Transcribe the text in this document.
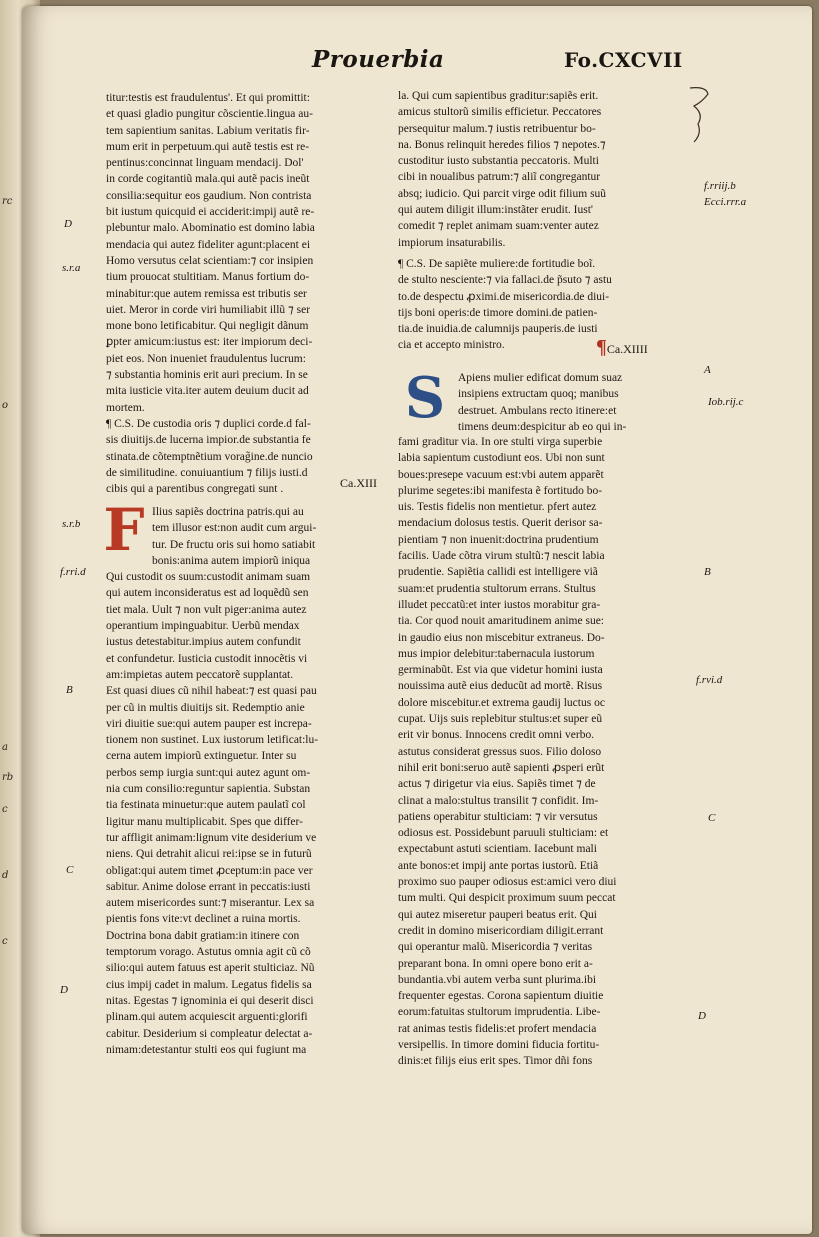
rc
o
a
c
rb
d
c
Prouerbia	Fo.CXCVII
titur:testis est fraudulentus'. Et qui promittit:
et quasi gladio pungitur cõscientie.lingua au-
tem sapientium sanitas. Labium veritatis fir-
mum erit in perpetuum.qui autẽ testis est re-
pentinus:concinnat linguam mendacij. Dol'
in corde cogitantiũ mala.qui autẽ pacis ineũt
consilia:sequitur eos gaudium. Non contrista
bit iustum quicquid ei acciderit:impij autẽ re-
plebuntur malo. Abominatio est domino labia
mendacia qui autez fideliter agunt:placent ei
Homo versutus celat scientiam:⁊ cor insipien
tium prouocat stultitiam. Manus fortium do-
minabitur:que autem remissa est tributis ser
uiet. Meror in corde viri humiliabit illũ ⁊ ser
mone bono letificabitur. Qui negligit dãnum
ꝑpter amicum:iustus est: iter impiorum deci-
piet eos. Non inueniet fraudulentus lucrum:
⁊ substantia hominis erit auri precium. In se
mita iusticie vita.iter autem deuium ducit ad
mortem.
¶ C.S. De custodia oris ⁊ duplici corde.d fal-
sis diuitijs.de lucerna impior.de substantia fe
stinata.de cõtemptnẽtium vorag̃ine.de nuncio
de similitudine. conuiuantium ⁊ filijs iusti.d
cibis qui a parentibus congregati sunt .	Ca.XIII
F Ilius sapiẽs doctrina patris.qui au
tem illusor est:non audit cum argui-
tur. De fructu oris sui homo satiabit
bonis:anima autem impiorũ iniqua
Qui custodit os suum:custodit animam suam
qui autem inconsideratus est ad loquẽdũ sen
tiet mala. Uult ⁊ non vult piger:anima autez
operantium impinguabitur. Uerbũ mendax
iustus detestabitur.impius autem confundit
et confundetur. Iusticia custodit innocẽtis vi
am:impietas autem peccatorẽ supplantat.
Est quasi diues cũ nihil habeat:⁊ est quasi pau
per cũ in multis diuitijs sit. Redemptio anie
viri diuitie sue:qui autem pauper est increpa-
tionem non sustinet. Lux iustorum letificat:lu-
cerna autem impiorũ extinguetur. Inter su
perbos semp iurgia sunt:qui autez agunt om-
nia cum consilio:reguntur sapientia. Substan
tia festinata minuetur:que autem paulatĩ col
ligitur manu multiplicabit. Spes que differ-
tur affligit animam:lignum vite desiderium ve
niens. Qui detrahit alicui rei:ipse se in futurũ
obligat:qui autem timet ꝓceptum:in pace ver
sabitur. Anime dolose errant in peccatis:iusti
autem misericordes sunt:⁊ miserantur. Lex sa
pientis fons vite:vt declinet a ruina mortis.
Doctrina bona dabit gratiam:in itinere con
temptorum vorago. Astutus omnia agit cũ cõ
silio:qui autem fatuus est aperit stulticiaz. Nũ
cius impij cadet in malum. Legatus fidelis sa
nitas. Egestas ⁊ ignominia ei qui deserit disci
plinam.qui autem acquiescit arguenti:glorifi
cabitur. Desiderium si compleatur delectat a-
nimam:detestantur stulti eos qui fugiunt ma
la. Qui cum sapientibus graditur:sapiẽs erit.
amicus stultorũ similis efficietur. Peccatores
persequitur malum.⁊ iustis retribuentur bo-
na. Bonus relinquit heredes filios ⁊ nepotes.⁊
custoditur iusto substantia peccatoris. Multi
cibi in noualibus patrum:⁊ aliĩ congregantur
absq; iudicio. Qui parcit virge odit filium suũ
qui autem diligit illum:instãter erudit. Iust'
comedit ⁊ replet animam suam:venter autez
impiorum insaturabilis.
¶ C.S. De sapiẽte muliere:de fortitudie boĩ.
de stulto nesciente:⁊ via fallaci.de p̃suto ⁊ astu
to.de despectu ꝓximi.de misericordia.de diui-
tijs boni operis:de timore domini.de patien-
tia.de inuidia.de calumnijs pauperis.de iusti
cia et accepto ministro.	¶Ca.XIIII
S	Apiens mulier edificat domum suaz
insipiens extructam quoq; manibus
destruet. Ambulans recto itinere:et
timens deum:despicitur ab eo qui in-
fami graditur via. In ore stulti virga superbie
labia sapientum custodiunt eos. Ubi non sunt
boues:presepe vacuum est:vbi autem apparẽt
plurime segetes:ibi manifesta ẽ fortitudo bo-
uis. Testis fidelis non mentietur. pfert autez
mendacium dolosus testis. Querit derisor sa-
pientiam ⁊ non inuenit:doctrina prudentium
facilis. Uade cõtra virum stultũ:⁊ nescit labia
prudentie. Sapiẽtia callidi est intelligere viã
suam:et prudentia stultorum errans. Stultus
illudet peccatũ:et inter iustos morabitur gra-
tia. Cor quod nouit amaritudinem anime sue:
in gaudio eius non miscebitur extraneus. Do-
mus impior delebitur:tabernacula iustorum
germinabũt. Est via que videtur homini iusta
nouissima autẽ eius deducũt ad mortẽ. Risus
dolore miscebitur.et extrema gaudij luctus oc
cupat. Uijs suis replebitur stultus:et super eũ
erit vir bonus. Innocens credit omni verbo.
astutus considerat gressus suos. Filio doloso
nihil erit boni:seruo autẽ sapienti ꝓsperi erũt
actus ⁊ dirigetur via eius. Sapiẽs timet ⁊ de
clinat a malo:stultus transilit ⁊ confidit. Im-
patiens operabitur stulticiam: ⁊ vir versutus
odiosus est. Possidebunt paruuli stulticiam: et
expectabunt astuti scientiam. Iacebunt mali
ante bonos:et impij ante portas iustorũ. Etiã
proximo suo pauper odiosus est:amici vero diui
tum multi. Qui despicit proximum suum peccat
qui autez miseretur pauperi beatus erit. Qui
credit in domino misericordiam diligit.errant
qui operantur malũ. Misericordia ⁊ veritas
preparant bona. In omni opere bono erit a-
bundantia.vbi autem verba sunt plurima.ibi
frequenter egestas. Corona sapientum diuitie
eorum:fatuitas stultorum imprudentia. Libe-
rat animas testis fidelis:et profert mendacia
versipellis. In timore domini fiducia fortitu-
dinis:et filijs eius erit spes. Timor dñi fons
D
s.r.a
s.r.b
f.rri.d
B
C
D
f.rriij.b
Ecci.rrr.a
A
Iob.rij.c
B
f.rvi.d
C
D
